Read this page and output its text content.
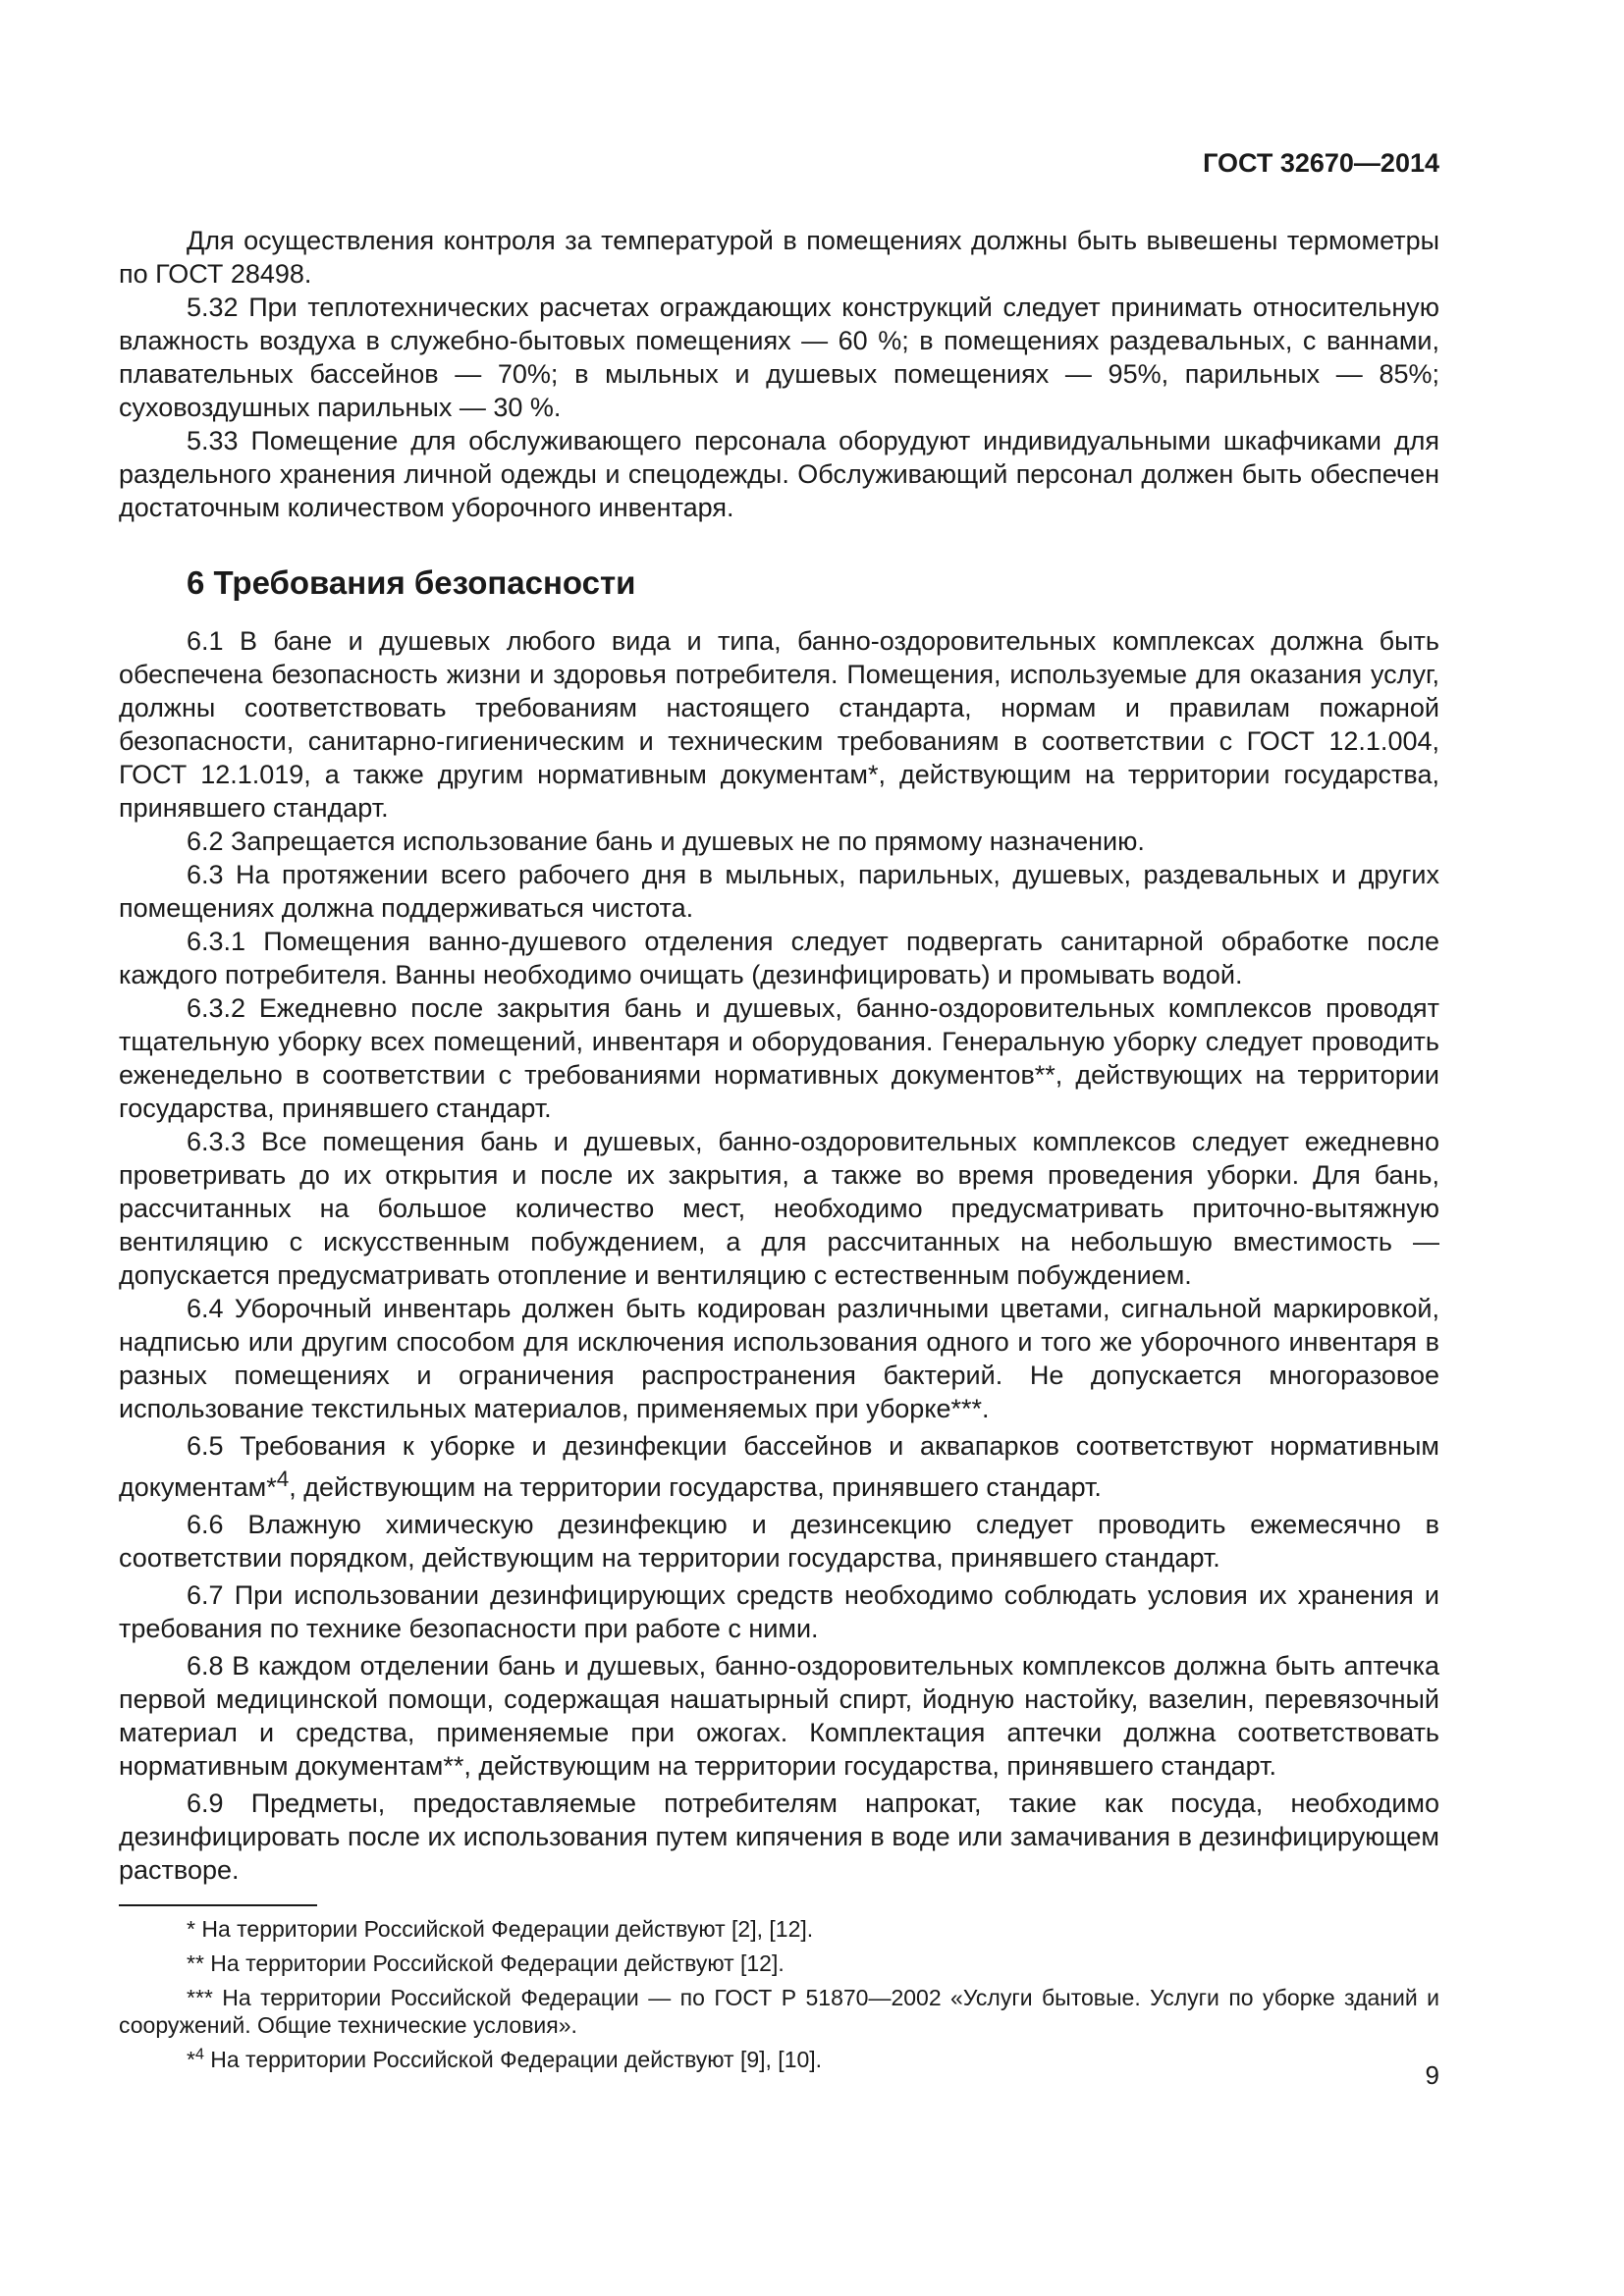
ГОСТ 32670—2014

Для осуществления контроля за температурой в помещениях должны быть вывешены термометры по ГОСТ 28498.

5.32 При теплотехнических расчетах ограждающих конструкций следует принимать относительную влажность воздуха в служебно-бытовых помещениях — 60 %; в помещениях раздевальных, с ваннами, плавательных бассейнов — 70%; в мыльных и душевых помещениях — 95%, парильных — 85%; суховоздушных парильных — 30 %.

5.33 Помещение для обслуживающего персонала оборудуют индивидуальными шкафчиками для раздельного хранения личной одежды и спецодежды. Обслуживающий персонал должен быть обеспечен достаточным количеством уборочного инвентаря.

6 Требования безопасности

6.1 В бане и душевых любого вида и типа, банно-оздоровительных комплексах должна быть обеспечена безопасность жизни и здоровья потребителя. Помещения, используемые для оказания услуг, должны соответствовать требованиям настоящего стандарта, нормам и правилам пожарной безопасности, санитарно-гигиеническим и техническим требованиям в соответствии с ГОСТ 12.1.004, ГОСТ 12.1.019, а также другим нормативным документам*, действующим на территории государства, принявшего стандарт.

6.2 Запрещается использование бань и душевых не по прямому назначению.

6.3 На протяжении всего рабочего дня в мыльных, парильных, душевых, раздевальных и других помещениях должна поддерживаться чистота.

6.3.1 Помещения ванно-душевого отделения следует подвергать санитарной обработке после каждого потребителя. Ванны необходимо очищать (дезинфицировать) и промывать водой.

6.3.2 Ежедневно после закрытия бань и душевых, банно-оздоровительных комплексов проводят тщательную уборку всех помещений, инвентаря и оборудования. Генеральную уборку следует проводить еженедельно в соответствии с требованиями нормативных документов**, действующих на территории государства, принявшего стандарт.

6.3.3 Все помещения бань и душевых, банно-оздоровительных комплексов следует ежедневно проветривать до их открытия и после их закрытия, а также во время проведения уборки. Для бань, рассчитанных на большое количество мест, необходимо предусматривать приточно-вытяжную вентиляцию с искусственным побуждением, а для рассчитанных на небольшую вместимость — допускается предусматривать отопление и вентиляцию с естественным побуждением.

6.4 Уборочный инвентарь должен быть кодирован различными цветами, сигнальной маркировкой, надписью или другим способом для исключения использования одного и того же уборочного инвентаря в разных помещениях и ограничения распространения бактерий. Не допускается многоразовое использование текстильных материалов, применяемых при уборке***.

6.5 Требования к уборке и дезинфекции бассейнов и аквапарков соответствуют нормативным документам*$^4$, действующим на территории государства, принявшего стандарт.

6.6 Влажную химическую дезинфекцию и дезинсекцию следует проводить ежемесячно в соответствии порядком, действующим на территории государства, принявшего стандарт.

6.7 При использовании дезинфицирующих средств необходимо соблюдать условия их хранения и требования по технике безопасности при работе с ними.

6.8 В каждом отделении бань и душевых, банно-оздоровительных комплексов должна быть аптечка первой медицинской помощи, содержащая нашатырный спирт, йодную настойку, вазелин, перевязочный материал и средства, применяемые при ожогах. Комплектация аптечки должна соответствовать нормативным документам**, действующим на территории государства, принявшего стандарт.

6.9 Предметы, предоставляемые потребителям напрокат, такие как посуда, необходимо дезинфицировать после их использования путем кипячения в воде или замачивания в дезинфицирующем растворе.

* На территории Российской Федерации действуют [2], [12].

** На территории Российской Федерации действуют [12].

*** На территории Российской Федерации — по ГОСТ Р 51870—2002 «Услуги бытовые. Услуги по уборке зданий и сооружений. Общие технические условия».

*$^4$ На территории Российской Федерации действуют [9], [10].

9
